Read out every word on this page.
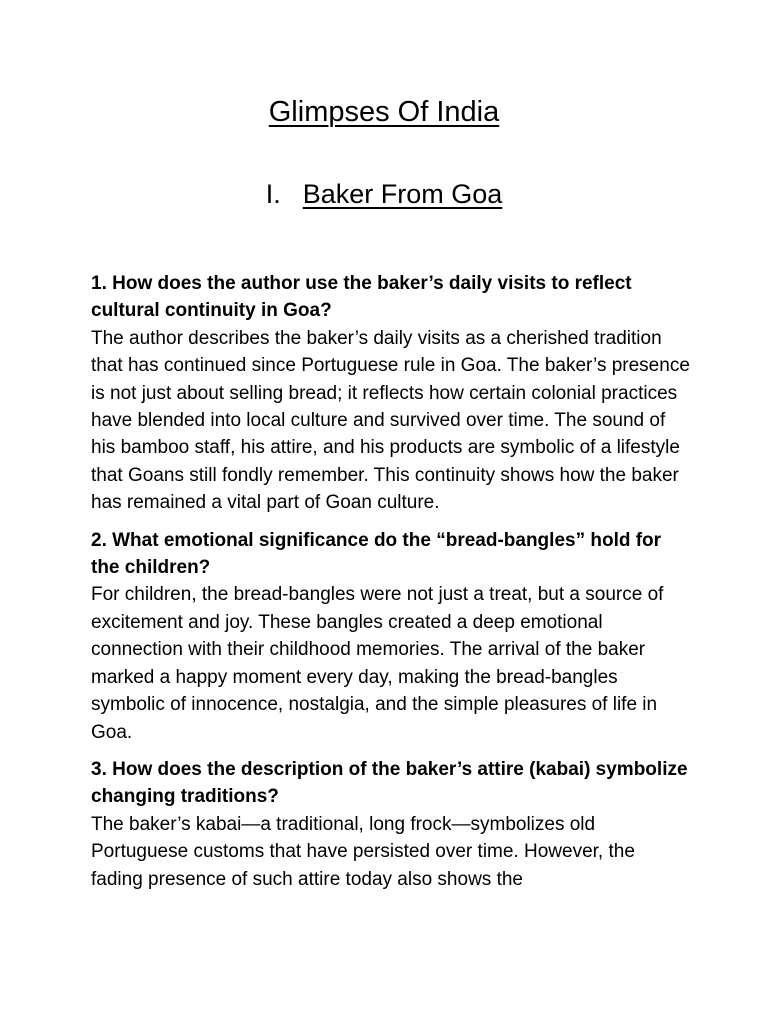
Glimpses Of India
I. Baker From Goa

1. How does the author use the baker’s daily visits to reflect cultural continuity in Goa?

The author describes the baker’s daily visits as a cherished tradition that has continued since Portuguese rule in Goa. The baker’s presence is not just about selling bread; it reflects how certain colonial practices have blended into local culture and survived over time. The sound of his bamboo staff, his attire, and his products are symbolic of a lifestyle that Goans still fondly remember. This continuity shows how the baker has remained a vital part of Goan culture.

2. What emotional significance do the “bread-bangles” hold for the children?

For children, the bread-bangles were not just a treat, but a source of excitement and joy. These bangles created a deep emotional connection with their childhood memories. The arrival of the baker marked a happy moment every day, making the bread-bangles symbolic of innocence, nostalgia, and the simple pleasures of life in Goa.

3. How does the description of the baker’s attire (kabai) symbolize changing traditions?

The baker’s kabai—a traditional, long frock—symbolizes old Portuguese customs that have persisted over time. However, the fading presence of such attire today also shows the
